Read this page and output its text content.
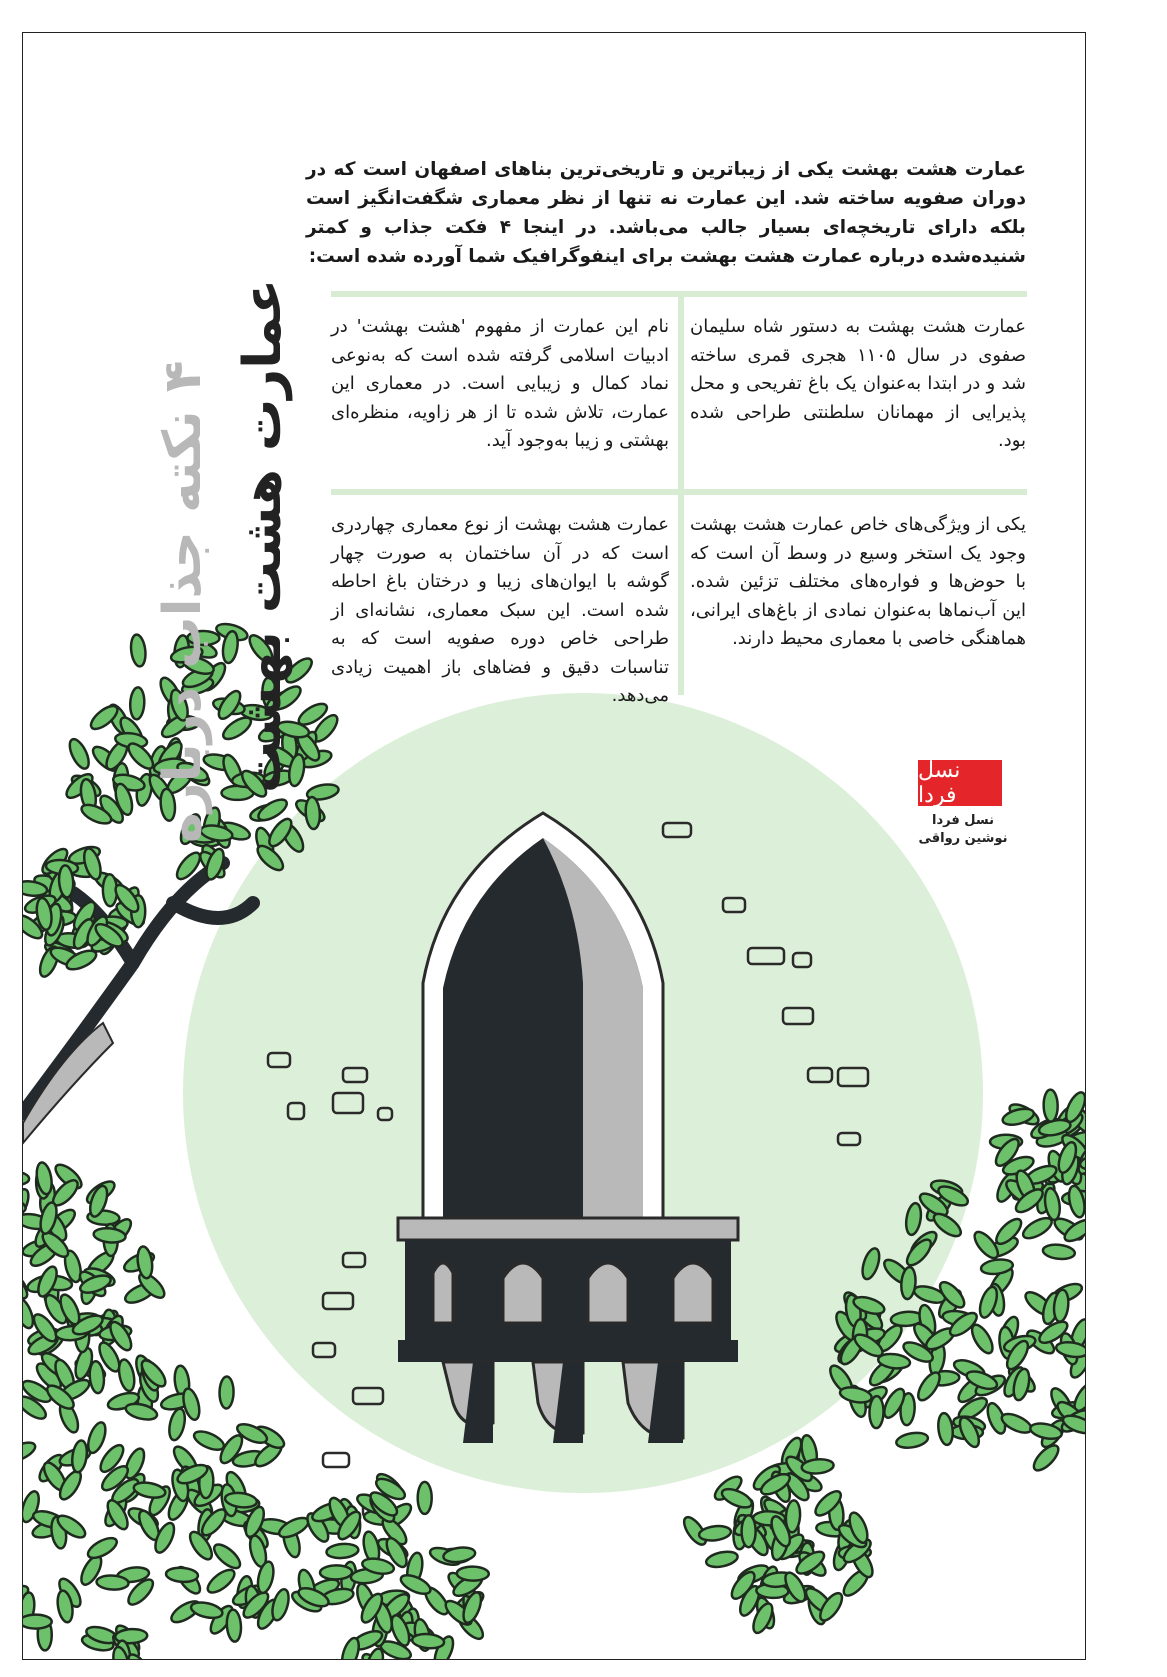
۴ نکته جذاب درباره عمارت هشت بهشت
عمارت هشت بهشت یکی از زیباترین و تاریخی‌ترین بناهای اصفهان است که در دوران صفویه ساخته شد. این عمارت نه تنها از نظر معماری شگفت‌انگیز است بلکه دارای تاریخچه‌ای بسیار جالب می‌باشد. در اینجا ۴ فکت جذاب و کمتر شنیده‌شده درباره عمارت هشت بهشت برای اینفوگرافیک شما آورده شده است:
عمارت هشت بهشت به دستور شاه سلیمان صفوی در سال ۱۱۰۵ هجری قمری ساخته شد و در ابتدا به‌عنوان یک باغ تفریحی و محل پذیرایی از مهمانان سلطنتی طراحی شده بود.
نام این عمارت از مفهوم 'هشت بهشت' در ادبیات اسلامی گرفته شده است که به‌نوعی نماد کمال و زیبایی است. در معماری این عمارت، تلاش شده تا از هر زاویه، منظره‌ای بهشتی و زیبا به‌وجود آید.
یکی از ویژگی‌های خاص عمارت هشت بهشت وجود یک استخر وسیع در وسط آن است که با حوض‌ها و فواره‌های مختلف تزئین شده. این آب‌نماها به‌عنوان نمادی از باغ‌های ایرانی، هماهنگی خاصی با معماری محیط دارند.
عمارت هشت بهشت از نوع معماری چهاردری است که در آن ساختمان به صورت چهار گوشه با ایوان‌های زیبا و درختان باغ احاطه شده است. این سبک معماری، نشانه‌ای از طراحی خاص دوره صفویه است که به تناسبات دقیق و فضاهای باز اهمیت زیادی می‌دهد.
نسل فردا
نسل فردا
نوشین رواقی
